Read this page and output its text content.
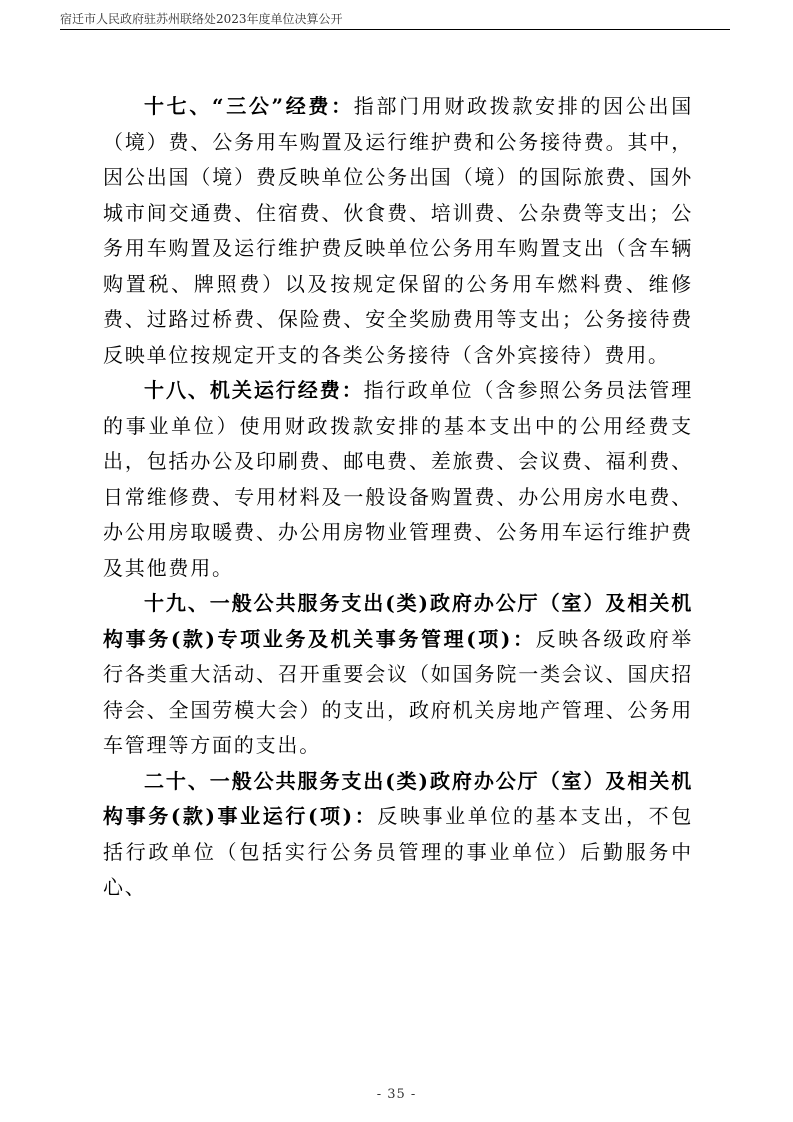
宿迁市人民政府驻苏州联络处2023年度单位决算公开

十七、“三公”经费：指部门用财政拨款安排的因公出国（境）费、公务用车购置及运行维护费和公务接待费。其中，因公出国（境）费反映单位公务出国（境）的国际旅费、国外城市间交通费、住宿费、伙食费、培训费、公杂费等支出；公务用车购置及运行维护费反映单位公务用车购置支出（含车辆购置税、牌照费）以及按规定保留的公务用车燃料费、维修费、过路过桥费、保险费、安全奖励费用等支出；公务接待费反映单位按规定开支的各类公务接待（含外宾接待）费用。

十八、机关运行经费：指行政单位（含参照公务员法管理的事业单位）使用财政拨款安排的基本支出中的公用经费支出，包括办公及印刷费、邮电费、差旅费、会议费、福利费、日常维修费、专用材料及一般设备购置费、办公用房水电费、办公用房取暖费、办公用房物业管理费、公务用车运行维护费及其他费用。

十九、一般公共服务支出(类)政府办公厅（室）及相关机构事务(款)专项业务及机关事务管理(项)：反映各级政府举行各类重大活动、召开重要会议（如国务院一类会议、国庆招待会、全国劳模大会）的支出，政府机关房地产管理、公务用车管理等方面的支出。

二十、一般公共服务支出(类)政府办公厅（室）及相关机构事务(款)事业运行(项)：反映事业单位的基本支出，不包括行政单位（包括实行公务员管理的事业单位）后勤服务中心、

- 35 -
